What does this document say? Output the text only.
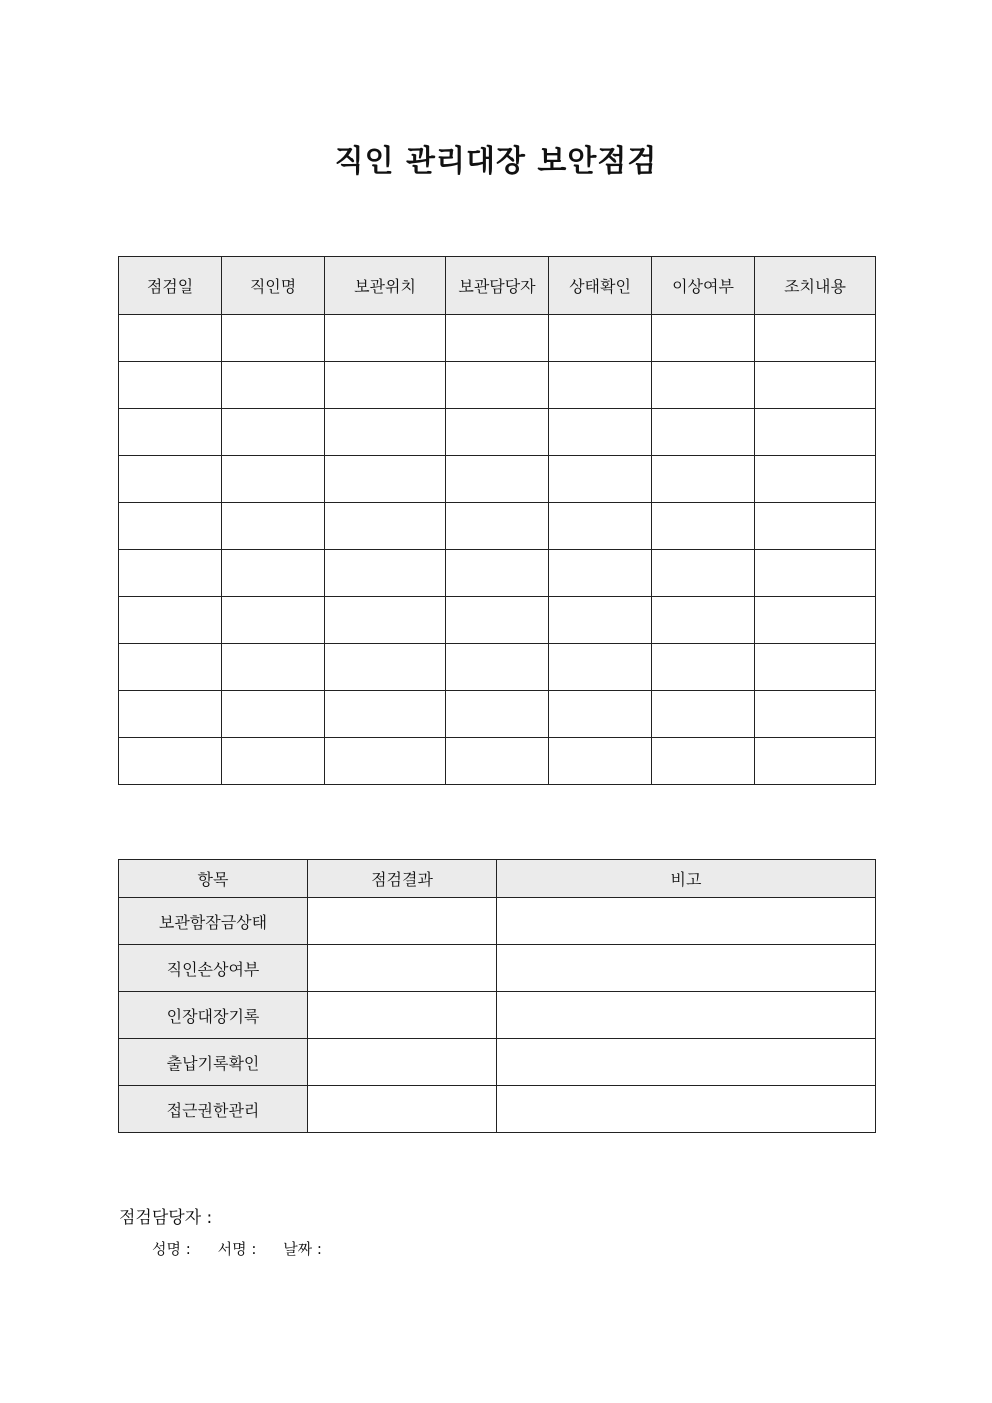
직인 관리대장 보안점검
점검일	직인명	보관위치	보관담당자	상태확인	이상여부	조치내용

항목	점검결과	비고
보관함잠금상태		
직인손상여부		
인장대장기록		
출납기록확인		
접근권한관리		
점검담당자 :
성명 : 서명 : 날짜 :
